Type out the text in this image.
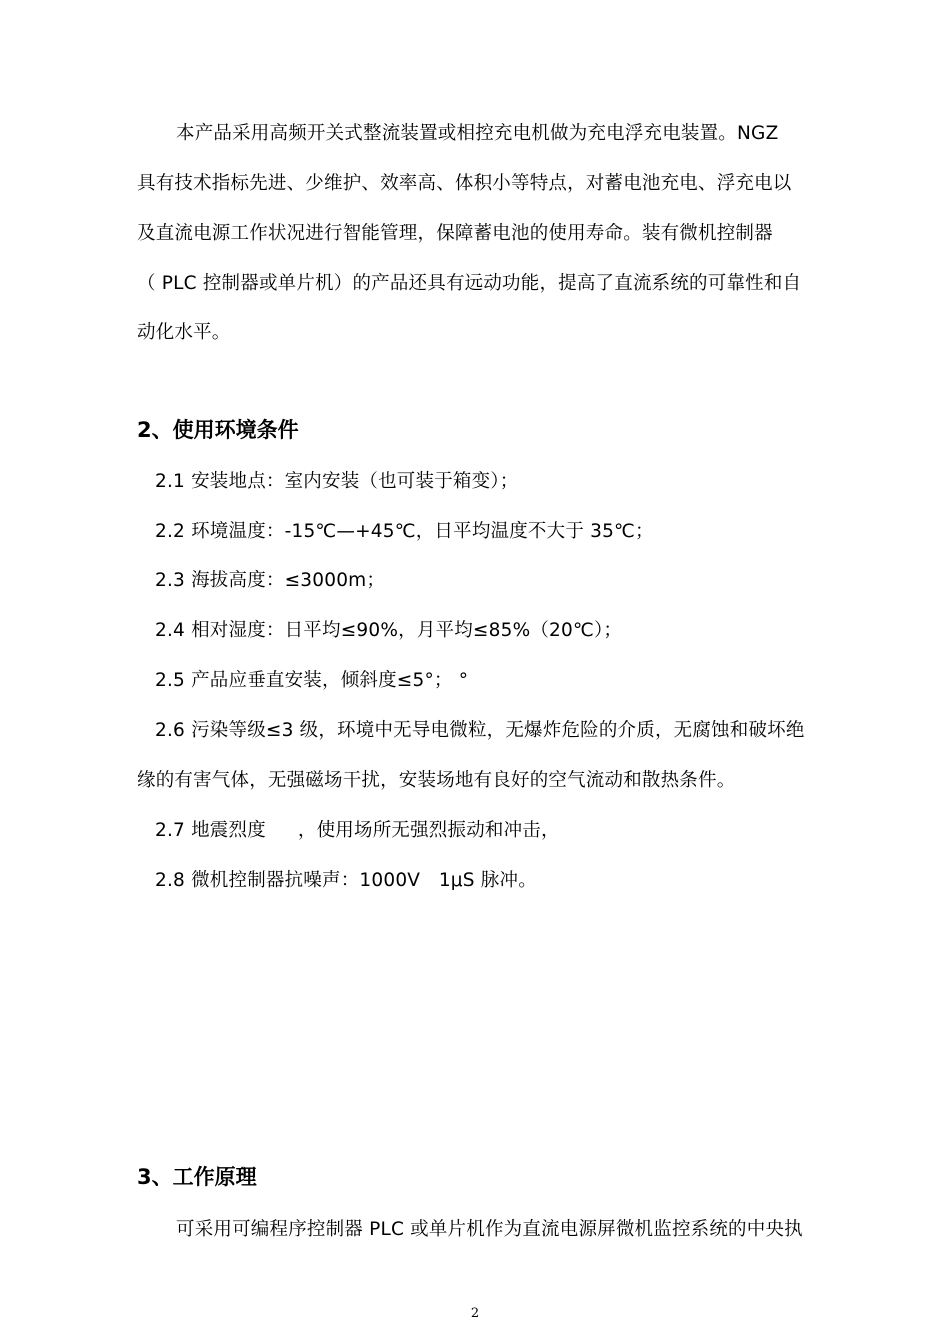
本产品采用高频开关式整流装置或相控充电机做为充电浮充电装置。NGZ
具有技术指标先进、少维护、效率高、体积小等特点，对蓄电池充电、浮充电以
及直流电源工作状况进行智能管理，保障蓄电池的使用寿命。装有微机控制器
（ PLC 控制器或单片机）的产品还具有远动功能，提高了直流系统的可靠性和自
动化水平。
2、使用环境条件
2.1 安装地点：室内安装（也可装于箱变）；
2.2 环境温度：-15℃—+45℃，日平均温度不大于 35℃；
2.3 海拔高度：≤3000m；
2.4 相对湿度：日平均≤90%，月平均≤85%（20℃）；
2.5 产品应垂直安装，倾斜度≤5°； °
2.6 污染等级≤3 级，环境中无导电微粒，无爆炸危险的介质，无腐蚀和破坏绝
缘的有害气体，无强磁场干扰，安装场地有良好的空气流动和散热条件。
2.7 地震烈度 ，使用场所无强烈振动和冲击，
2.8 微机控制器抗噪声：1000V　1μS 脉冲。
3、工作原理
可采用可编程序控制器 PLC 或单片机作为直流电源屏微机监控系统的中央执
2
